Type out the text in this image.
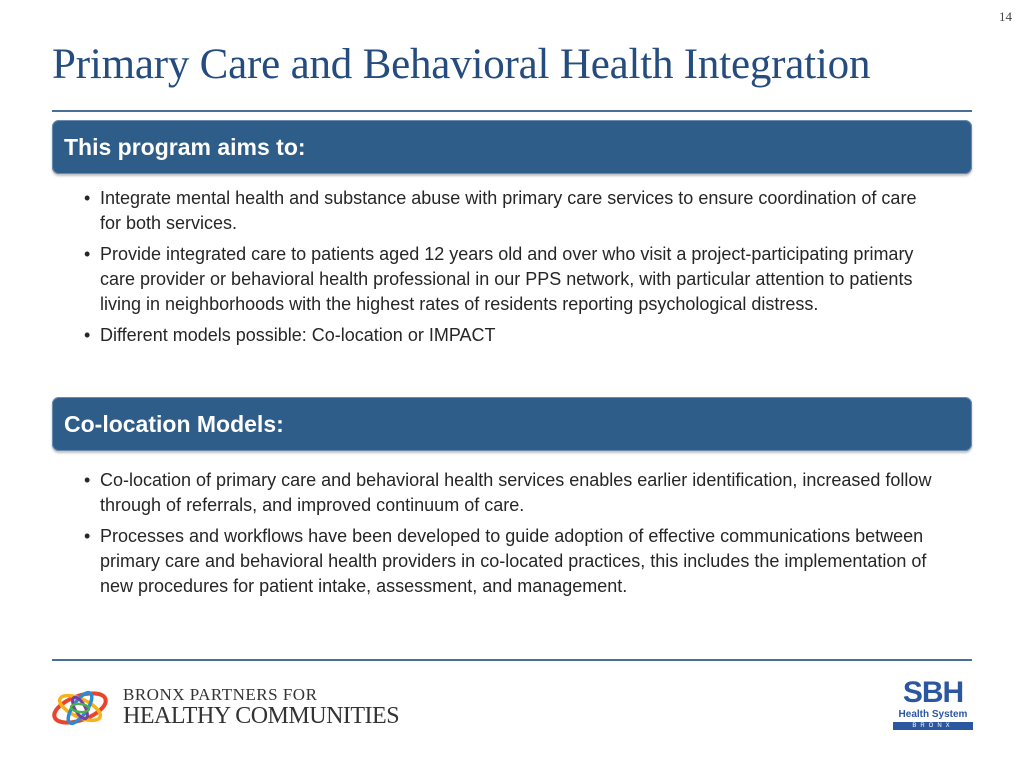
14
Primary Care and Behavioral Health Integration
This program aims to:
• Integrate mental health and substance abuse with primary care services to ensure coordination of care for both services.
• Provide integrated care to patients aged 12 years old and over who visit a project-participating primary care provider or behavioral health professional in our PPS network, with particular attention to patients living in neighborhoods with the highest rates of residents reporting psychological distress.
• Different models possible: Co-location or IMPACT
Co-location Models:
• Co-location of primary care and behavioral health services enables earlier identification, increased follow through of referrals, and improved continuum of care.
• Processes and workflows have been developed to guide adoption of effective communications between primary care and behavioral health providers in co-located practices, this includes the implementation of new procedures for patient intake, assessment, and management.
BRONX PARTNERS FOR
HEALTHY COMMUNITIES
SBH
Health System
BRONX
